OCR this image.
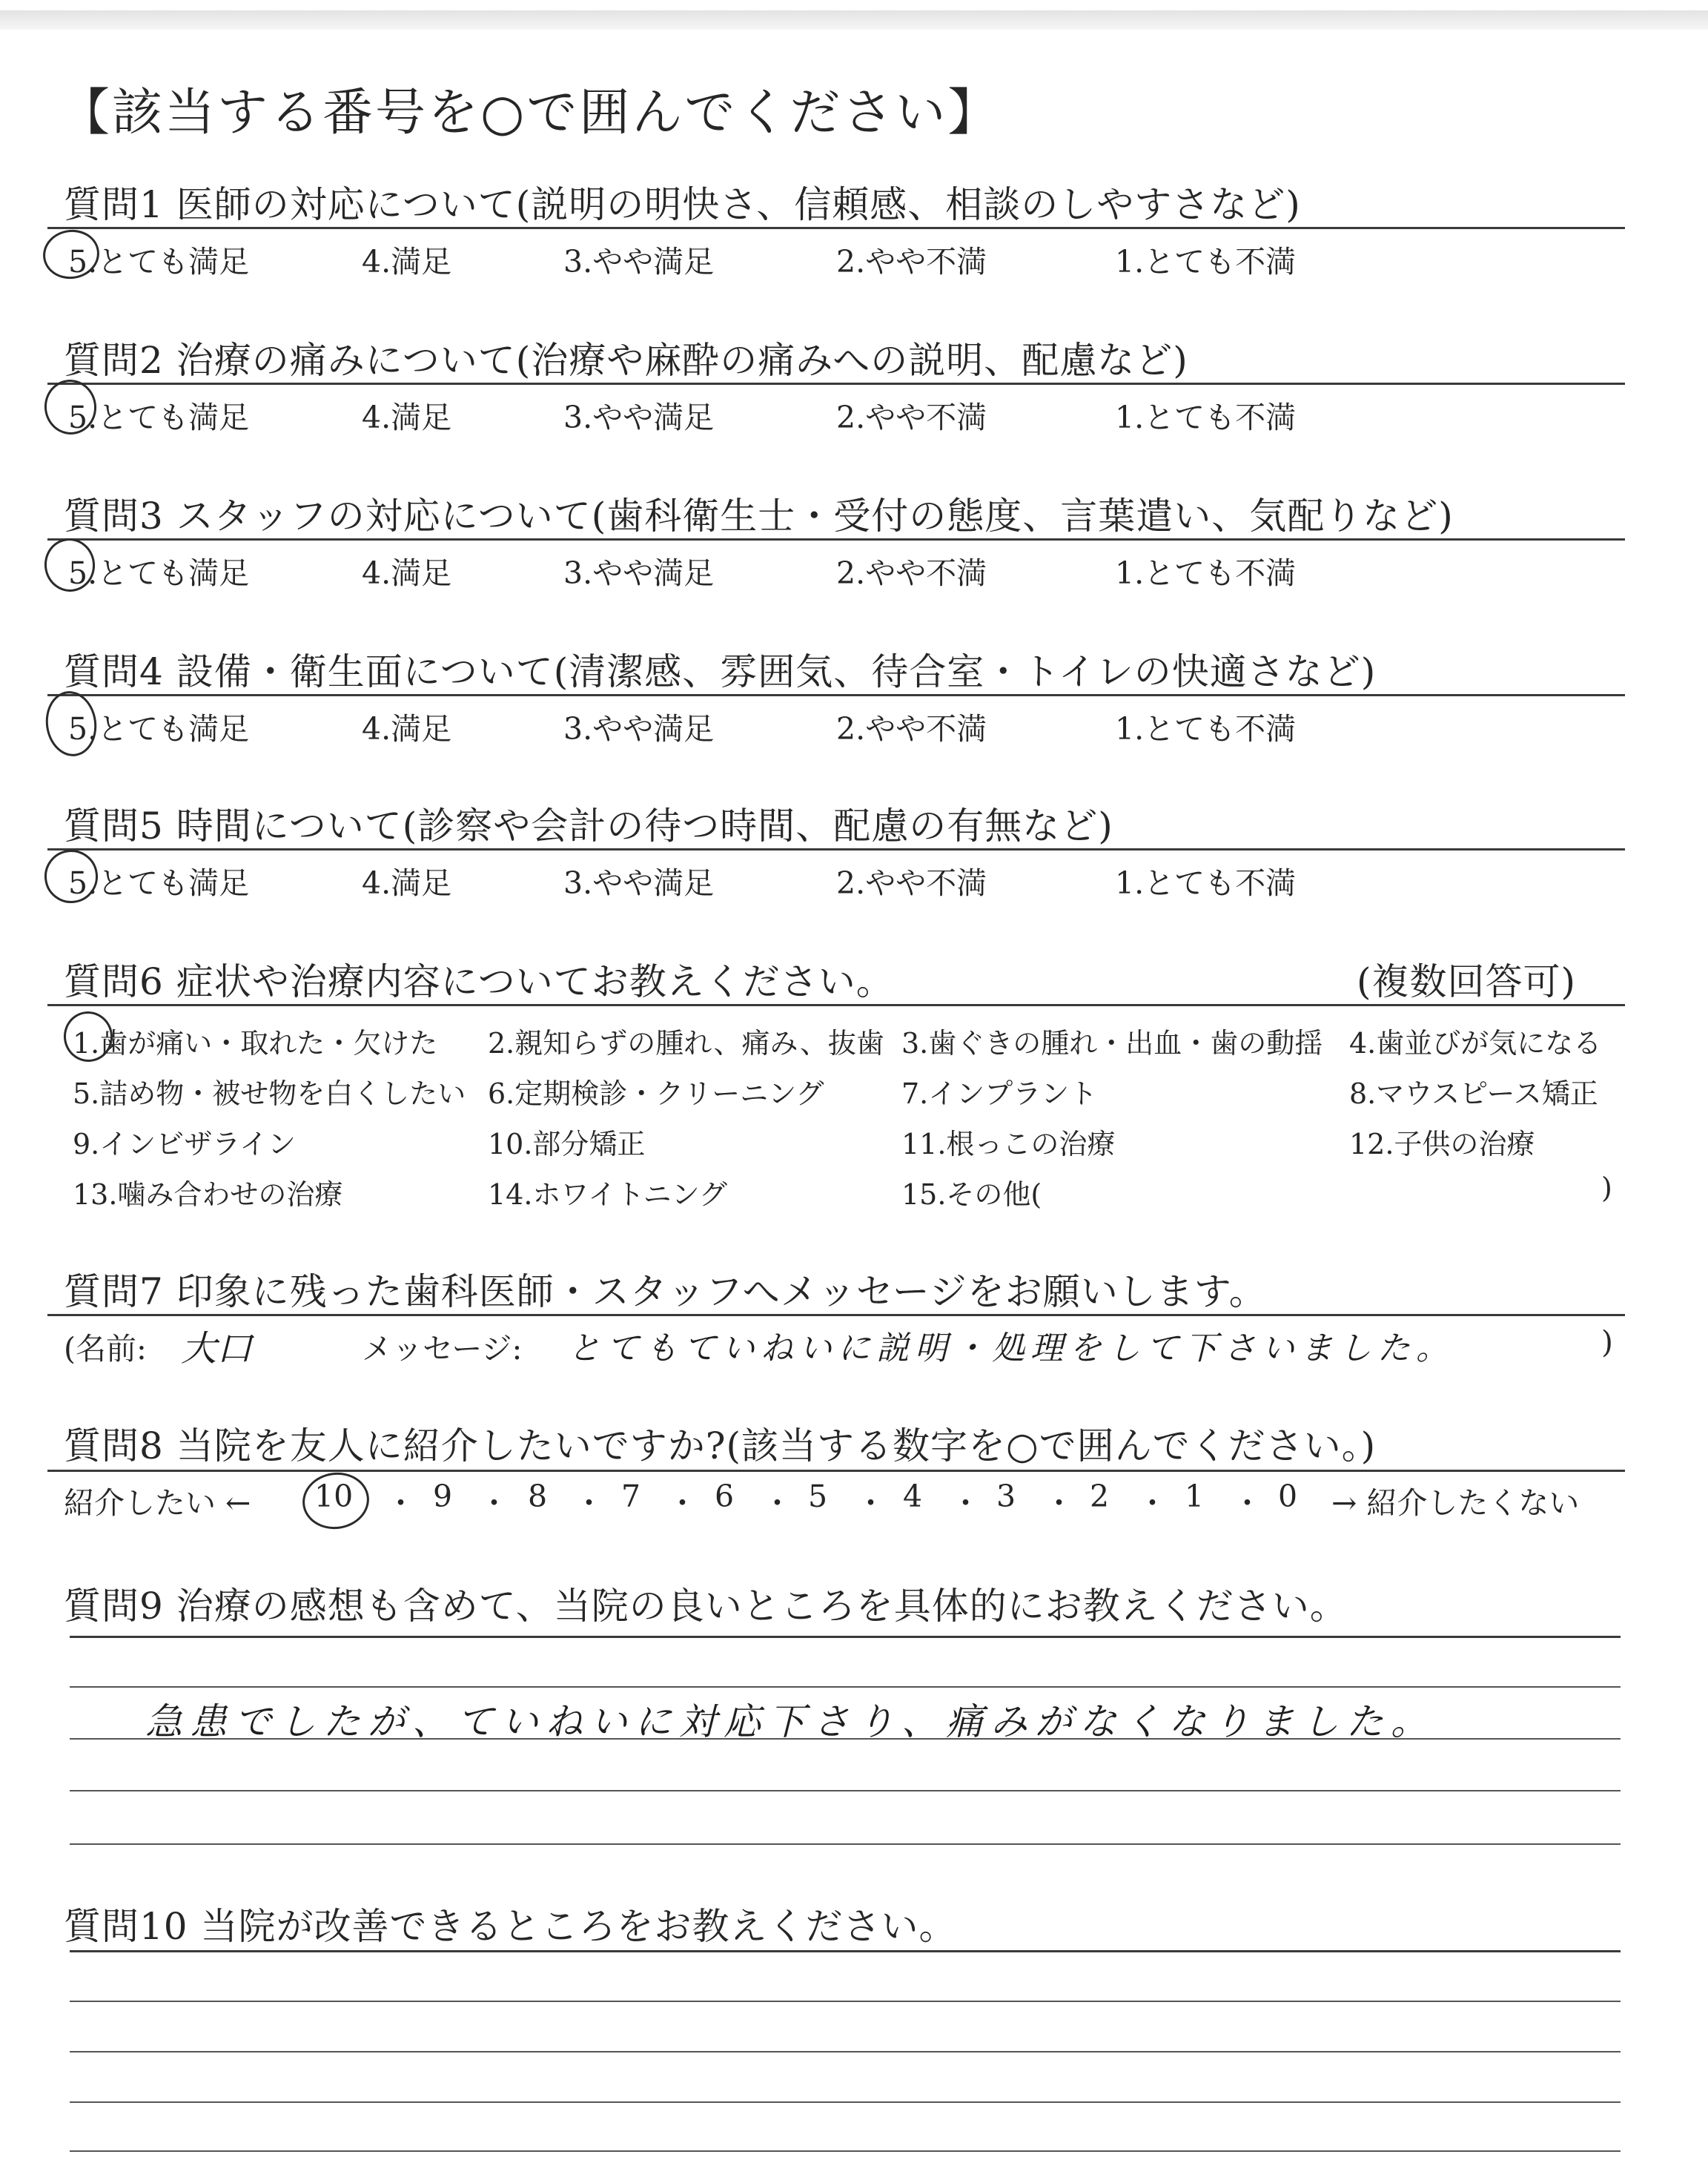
【該当する番号を○で囲んでください】
質問1 医師の対応について(説明の明快さ、信頼感、相談のしやすさなど)
5.とても満足	4.満足	3.やや満足	2.やや不満	1.とても不満
質問2 治療の痛みについて(治療や麻酔の痛みへの説明、配慮など)
5.とても満足	4.満足	3.やや満足	2.やや不満	1.とても不満
質問3 スタッフの対応について(歯科衛生士・受付の態度、言葉遣い、気配りなど)
5.とても満足	4.満足	3.やや満足	2.やや不満	1.とても不満
質問4 設備・衛生面について(清潔感、雰囲気、待合室・トイレの快適さなど)
5.とても満足	4.満足	3.やや満足	2.やや不満	1.とても不満
質問5 時間について(診察や会計の待つ時間、配慮の有無など)
5.とても満足	4.満足	3.やや満足	2.やや不満	1.とても不満
質問6 症状や治療内容についてお教えください。	(複数回答可)
1.歯が痛い・取れた・欠けた 2.親知らずの腫れ、痛み、抜歯 3.歯ぐきの腫れ・出血・歯の動揺 4.歯並びが気になる
5.詰め物・被せ物を白くしたい 6.定期検診・クリーニング	7.インプラント	8.マウスピース矯正
9.インビザライン	10.部分矯正	11.根っこの治療	12.子供の治療
13.噛み合わせの治療	14.ホワイトニング	15.その他(	)
質問7 印象に残った歯科医師・スタッフへメッセージをお願いします。
(名前: 大口	メッセージ: とてもていねいに説明・処理をして下さいました。	)
質問8 当院を友人に紹介したいですか?(該当する数字を○で囲んでください。)
紹介したい ← 10 ・ 9 ・ 8 ・ 7 ・ 6 ・ 5 ・ 4 ・ 3 ・ 2 ・ 1 ・ 0 → 紹介したくない
質問9 治療の感想も含めて、当院の良いところを具体的にお教えください。
急患でしたが、ていねいに対応下さり、痛みがなくなりました。
質問10 当院が改善できるところをお教えください。
